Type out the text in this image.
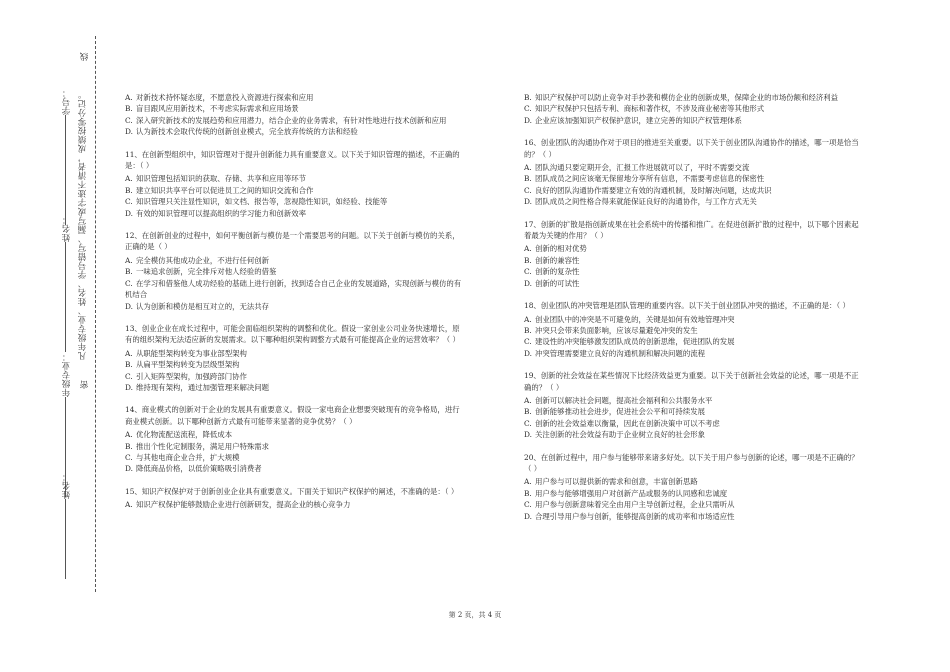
学号：
姓名：
年级专业：
姓名：
凡年级专业、姓名、学号错写、漏写或字迹不清者，成绩按零分记。
线
密

A. 对新技术持怀疑态度，不愿意投入资源进行探索和应用

B. 盲目跟风应用新技术，不考虑实际需求和应用场景

C. 深入研究新技术的发展趋势和应用潜力，结合企业的业务需求，有针对性地进行技术创新和应用

D. 认为新技术会取代传统的创新创业模式，完全放弃传统的方法和经验

11、在创新型组织中，知识管理对于提升创新能力具有重要意义。以下关于知识管理的描述，不正确的是：（ ）

A. 知识管理包括知识的获取、存储、共享和应用等环节

B. 建立知识共享平台可以促进员工之间的知识交流和合作

C. 知识管理只关注显性知识，如文档、报告等，忽视隐性知识，如经验、技能等

D. 有效的知识管理可以提高组织的学习能力和创新效率

12、在创新创业的过程中，如何平衡创新与模仿是一个需要思考的问题。以下关于创新与模仿的关系，正确的是（ ）

A. 完全模仿其他成功企业，不进行任何创新

B. 一味追求创新，完全排斥对他人经验的借鉴

C. 在学习和借鉴他人成功经验的基础上进行创新，找到适合自己企业的发展道路，实现创新与模仿的有机结合

D. 认为创新和模仿是相互对立的，无法共存

13、创业企业在成长过程中，可能会面临组织架构的调整和优化。假设一家创业公司业务快速增长，原有的组织架构无法适应新的发展需求。以下哪种组织架构调整方式最有可能提高企业的运营效率？（ ）

A. 从职能型架构转变为事业部型架构

B. 从扁平型架构转变为层级型架构

C. 引入矩阵型架构，加强跨部门协作

D. 维持现有架构，通过加强管理来解决问题

14、商业模式的创新对于企业的发展具有重要意义。假设一家电商企业想要突破现有的竞争格局，进行商业模式创新。以下哪种创新方式最有可能带来显著的竞争优势？（ ）

A. 优化物流配送流程，降低成本

B. 推出个性化定制服务，满足用户特殊需求

C. 与其他电商企业合并，扩大规模

D. 降低商品价格，以低价策略吸引消费者

15、知识产权保护对于创新创业企业具有重要意义。下面关于知识产权保护的阐述，不准确的是：（ ）

A. 知识产权保护能够鼓励企业进行创新研发，提高企业的核心竞争力

B. 知识产权保护可以防止竞争对手抄袭和模仿企业的创新成果，保障企业的市场份额和经济利益

C. 知识产权保护只包括专利、商标和著作权，不涉及商业秘密等其他形式

D. 企业应该加强知识产权保护意识，建立完善的知识产权管理体系

16、创业团队的沟通协作对于项目的推进至关重要。以下关于创业团队沟通协作的描述，哪一项是恰当的？（ ）

A. 团队沟通只要定期开会，汇报工作进展就可以了，平时不需要交流

B. 团队成员之间应该毫无保留地分享所有信息，不需要考虑信息的保密性

C. 良好的团队沟通协作需要建立有效的沟通机制，及时解决问题，达成共识

D. 团队成员之间性格合得来就能保证良好的沟通协作，与工作方式无关

17、创新的扩散是指创新成果在社会系统中的传播和推广。在促进创新扩散的过程中，以下哪个因素起着最为关键的作用？（ ）

A. 创新的相对优势

B. 创新的兼容性

C. 创新的复杂性

D. 创新的可试性

18、创业团队的冲突管理是团队管理的重要内容。以下关于创业团队冲突的描述，不正确的是：（ ）

A. 创业团队中的冲突是不可避免的，关键是如何有效地管理冲突

B. 冲突只会带来负面影响，应该尽量避免冲突的发生

C. 建设性的冲突能够激发团队成员的创新思维，促进团队的发展

D. 冲突管理需要建立良好的沟通机制和解决问题的流程

19、创新的社会效益在某些情况下比经济效益更为重要。以下关于创新社会效益的论述，哪一项是不正确的？（ ）

A. 创新可以解决社会问题，提高社会福利和公共服务水平

B. 创新能够推动社会进步，促进社会公平和可持续发展

C. 创新的社会效益难以衡量，因此在创新决策中可以不考虑

D. 关注创新的社会效益有助于企业树立良好的社会形象

20、在创新过程中，用户参与能够带来诸多好处。以下关于用户参与创新的论述，哪一项是不正确的？（ ）

A. 用户参与可以提供新的需求和创意，丰富创新思路

B. 用户参与能够增强用户对创新产品或服务的认同感和忠诚度

C. 用户参与创新意味着完全由用户主导创新过程，企业只需听从

D. 合理引导用户参与创新，能够提高创新的成功率和市场适应性

第 2 页，共 4 页
